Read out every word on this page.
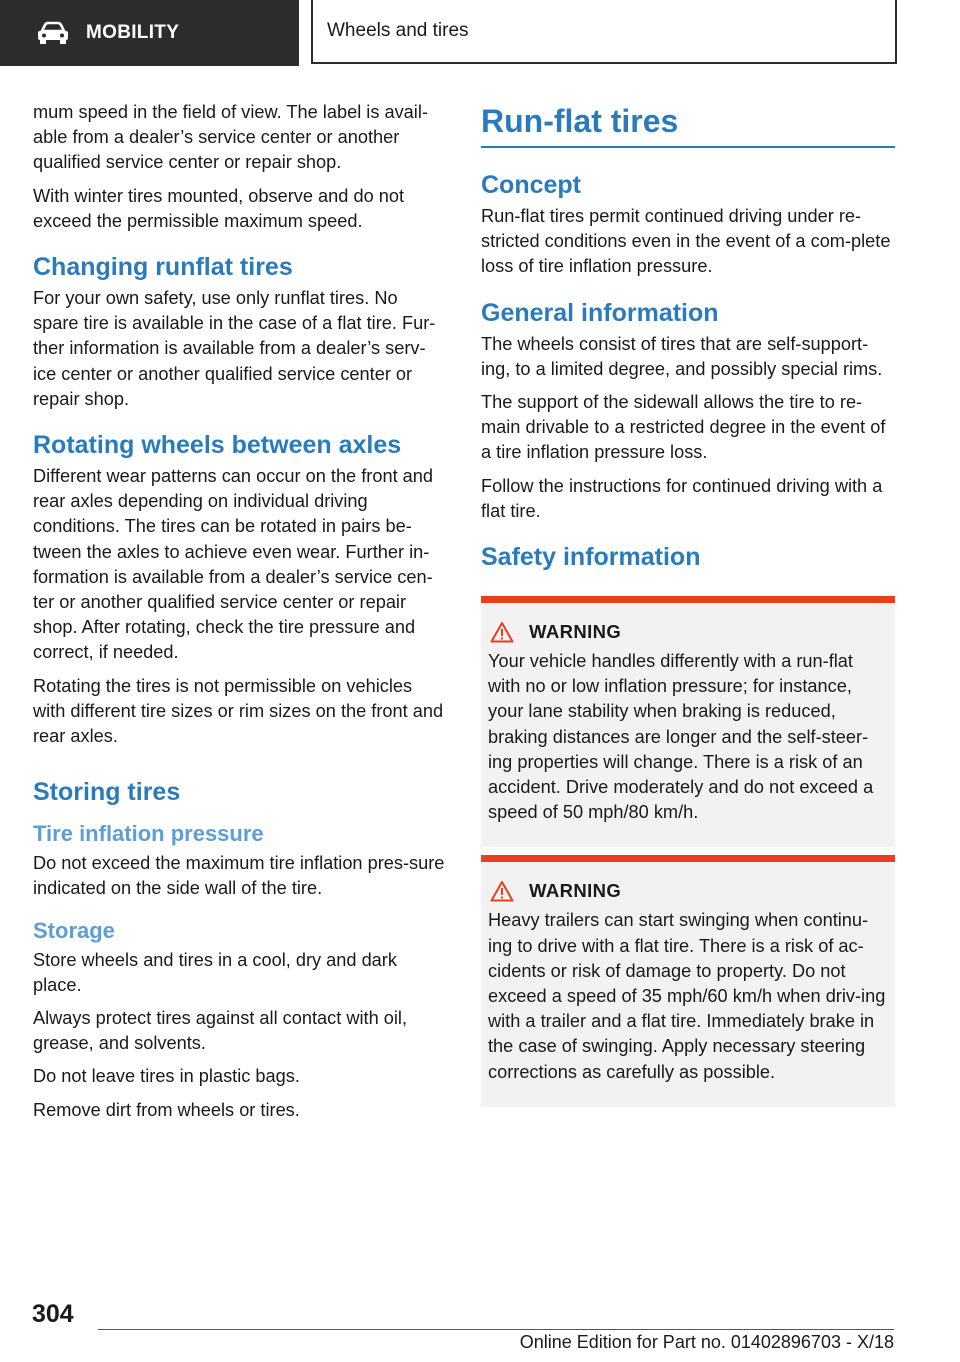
MOBILITY	Wheels and tires

mum speed in the field of view. The label is avail‐able from a dealer’s service center or another qualified service center or repair shop.

With winter tires mounted, observe and do not exceed the permissible maximum speed.

Changing runflat tires

For your own safety, use only runflat tires. No spare tire is available in the case of a flat tire. Fur‐ther information is available from a dealer’s serv‐ice center or another qualified service center or repair shop.

Rotating wheels between axles

Different wear patterns can occur on the front and rear axles depending on individual driving conditions. The tires can be rotated in pairs be‐tween the axles to achieve even wear. Further in‐formation is available from a dealer’s service cen‐ter or another qualified service center or repair shop. After rotating, check the tire pressure and correct, if needed.

Rotating the tires is not permissible on vehicles with different tire sizes or rim sizes on the front and rear axles.

Storing tires
Tire inflation pressure

Do not exceed the maximum tire inflation pres‐sure indicated on the side wall of the tire.

Storage

Store wheels and tires in a cool, dry and dark place.

Always protect tires against all contact with oil, grease, and solvents.

Do not leave tires in plastic bags.

Remove dirt from wheels or tires.

Run-flat tires
Concept

Run-flat tires permit continued driving under re‐stricted conditions even in the event of a com‐plete loss of tire inflation pressure.

General information

The wheels consist of tires that are self-support‐ing, to a limited degree, and possibly special rims.

The support of the sidewall allows the tire to re‐main drivable to a restricted degree in the event of a tire inflation pressure loss.

Follow the instructions for continued driving with a flat tire.

Safety information
WARNING

Your vehicle handles differently with a run-flat with no or low inflation pressure; for instance, your lane stability when braking is reduced, braking distances are longer and the self-steer‐ing properties will change. There is a risk of an accident. Drive moderately and do not exceed a speed of 50 mph/80 km/h.

WARNING

Heavy trailers can start swinging when continu‐ing to drive with a flat tire. There is a risk of ac‐cidents or risk of damage to property. Do not exceed a speed of 35 mph/60 km/h when driv‐ing with a trailer and a flat tire. Immediately brake in the case of swinging. Apply necessary steering corrections as carefully as possible.

304
Online Edition for Part no. 01402896703 - X/18
